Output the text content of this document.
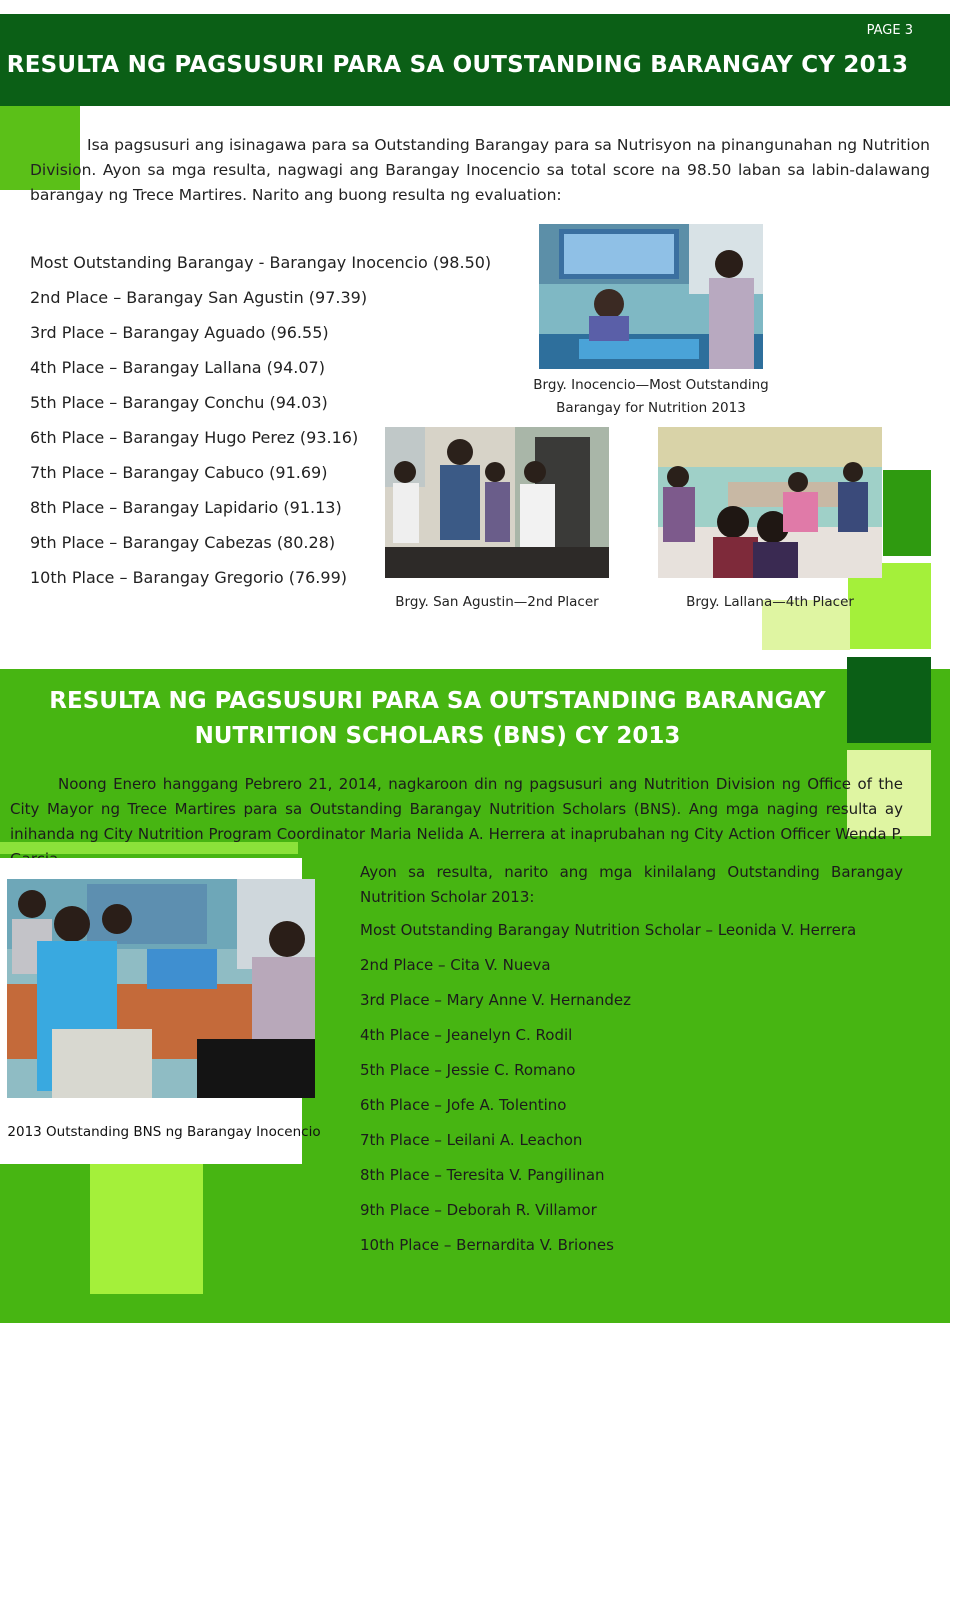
PAGE 3
RESULTA NG PAGSUSURI PARA SA OUTSTANDING BARANGAY CY 2013
Isa pagsusuri ang isinagawa para sa Outstanding Barangay para sa Nutrisyon na pinangunahan ng Nutrition Division. Ayon sa mga resulta, nagwagi ang Barangay Inocencio sa total score na 98.50 laban sa labin-dalawang barangay ng Trece Martires. Narito ang buong resulta ng evaluation:
Most Outstanding Barangay - Barangay Inocencio (98.50)
2nd Place – Barangay San Agustin (97.39)
3rd Place – Barangay Aguado (96.55)
4th Place – Barangay Lallana (94.07)
5th Place – Barangay Conchu (94.03)
6th Place – Barangay Hugo Perez (93.16)
7th Place – Barangay Cabuco (91.69)
8th Place – Barangay Lapidario (91.13)
9th Place – Barangay Cabezas (80.28)
10th Place – Barangay Gregorio (76.99)
Brgy. Inocencio—Most Outstanding
Barangay for Nutrition 2013
Brgy. San Agustin—2nd Placer	Brgy. Lallana—4th Placer
RESULTA NG PAGSUSURI PARA SA OUTSTANDING BARANGAY
NUTRITION SCHOLARS (BNS) CY 2013
Noong Enero hanggang Pebrero 21, 2014, nagkaroon din ng pagsusuri ang Nutrition Division ng Office of the City Mayor ng Trece Martires para sa Outstanding Barangay Nutrition Scholars (BNS). Ang mga naging resulta ay inihanda ng City Nutrition Program Coordinator Maria Nelida A. Herrera at inaprubahan ng City Action Officer Wenda P.
2013 Outstanding BNS ng Barangay Inocencio
Ayon sa resulta, narito ang mga kinilalang Outstanding Barangay Nutrition Scholar 2013:
Most Outstanding Barangay Nutrition Scholar – Leonida V. Herrera
2nd Place – Cita V. Nueva
3rd Place – Mary Anne V. Hernandez
4th Place – Jeanelyn C. Rodil
5th Place – Jessie C. Romano
6th Place – Jofe A. Tolentino
7th Place – Leilani A. Leachon
8th Place – Teresita V. Pangilinan
9th Place – Deborah R. Villamor
10th Place – Bernardita V. Briones
